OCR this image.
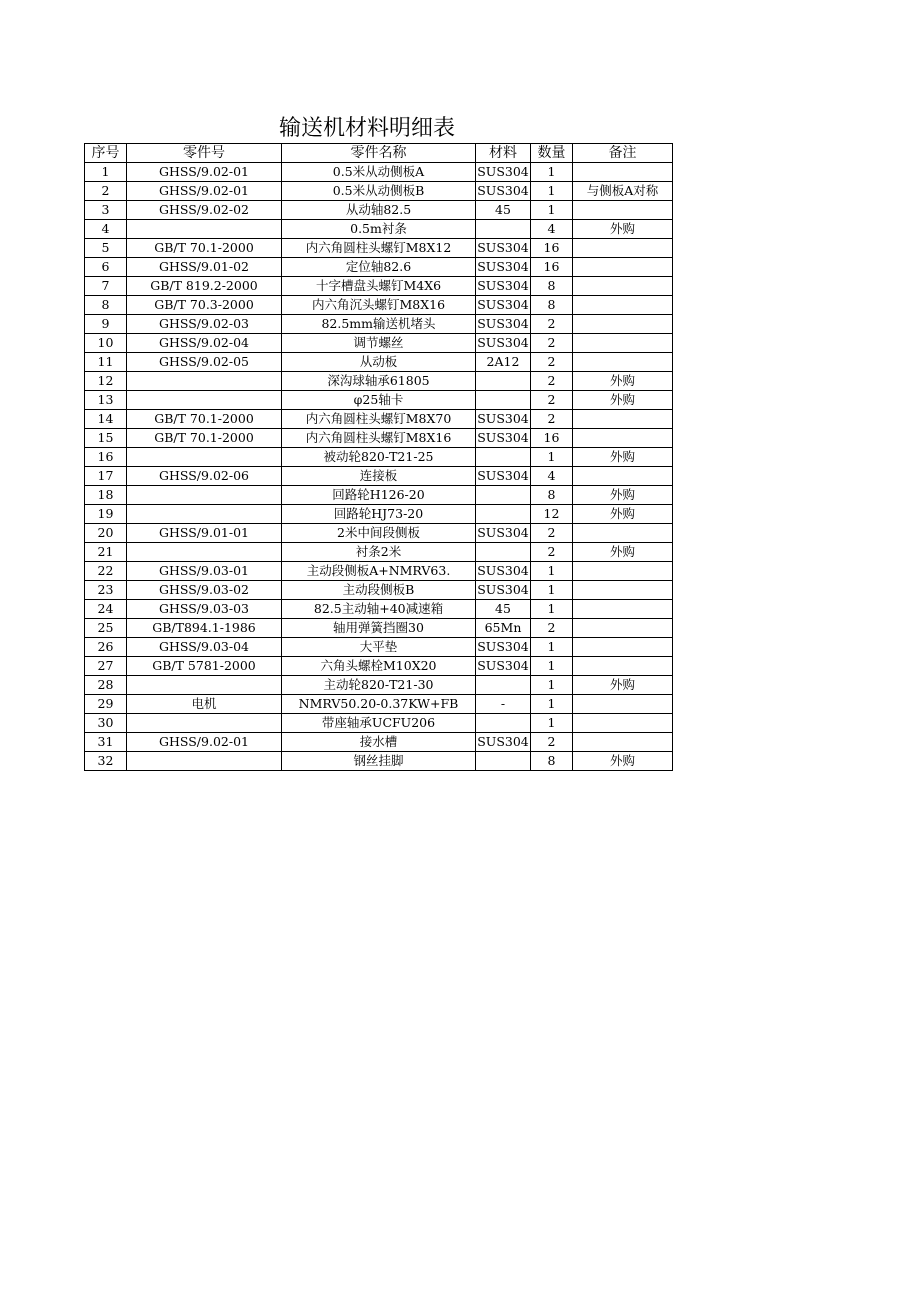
输送机材料明细表
序号	零件号	零件名称	材料	数量	备注
1	GHSS/9.02-01	0.5米从动侧板A	SUS304	1	
2	GHSS/9.02-01	0.5米从动侧板B	SUS304	1	与侧板A对称
3	GHSS/9.02-02	从动轴82.5	45	1	
4		0.5m衬条		4	外购
5	GB/T 70.1-2000	内六角圆柱头螺钉M8X12	SUS304	16	
6	GHSS/9.01-02	定位轴82.6	SUS304	16	
7	GB/T 819.2-2000	十字槽盘头螺钉M4X6	SUS304	8	
8	GB/T 70.3-2000	内六角沉头螺钉M8X16	SUS304	8	
9	GHSS/9.02-03	82.5mm输送机堵头	SUS304	2	
10	GHSS/9.02-04	调节螺丝	SUS304	2	
11	GHSS/9.02-05	从动板	2A12	2	
12		深沟球轴承61805		2	外购
13		φ25轴卡		2	外购
14	GB/T 70.1-2000	内六角圆柱头螺钉M8X70	SUS304	2	
15	GB/T 70.1-2000	内六角圆柱头螺钉M8X16	SUS304	16	
16		被动轮820-T21-25		1	外购
17	GHSS/9.02-06	连接板	SUS304	4	
18		回路轮H126-20		8	外购
19		回路轮HJ73-20		12	外购
20	GHSS/9.01-01	2米中间段侧板	SUS304	2	
21		衬条2米		2	外购
22	GHSS/9.03-01	主动段侧板A+NMRV63.	SUS304	1	
23	GHSS/9.03-02	主动段侧板B	SUS304	1	
24	GHSS/9.03-03	82.5主动轴+40减速箱	45	1	
25	GB/T894.1-1986	轴用弹簧挡圈30	65Mn	2	
26	GHSS/9.03-04	大平垫	SUS304	1	
27	GB/T 5781-2000	六角头螺栓M10X20	SUS304	1	
28		主动轮820-T21-30		1	外购
29	电机	NMRV50.20-0.37KW+FB	-	1	
30		带座轴承UCFU206		1	
31	GHSS/9.02-01	接水槽	SUS304	2	
32		钢丝挂脚		8	外购
